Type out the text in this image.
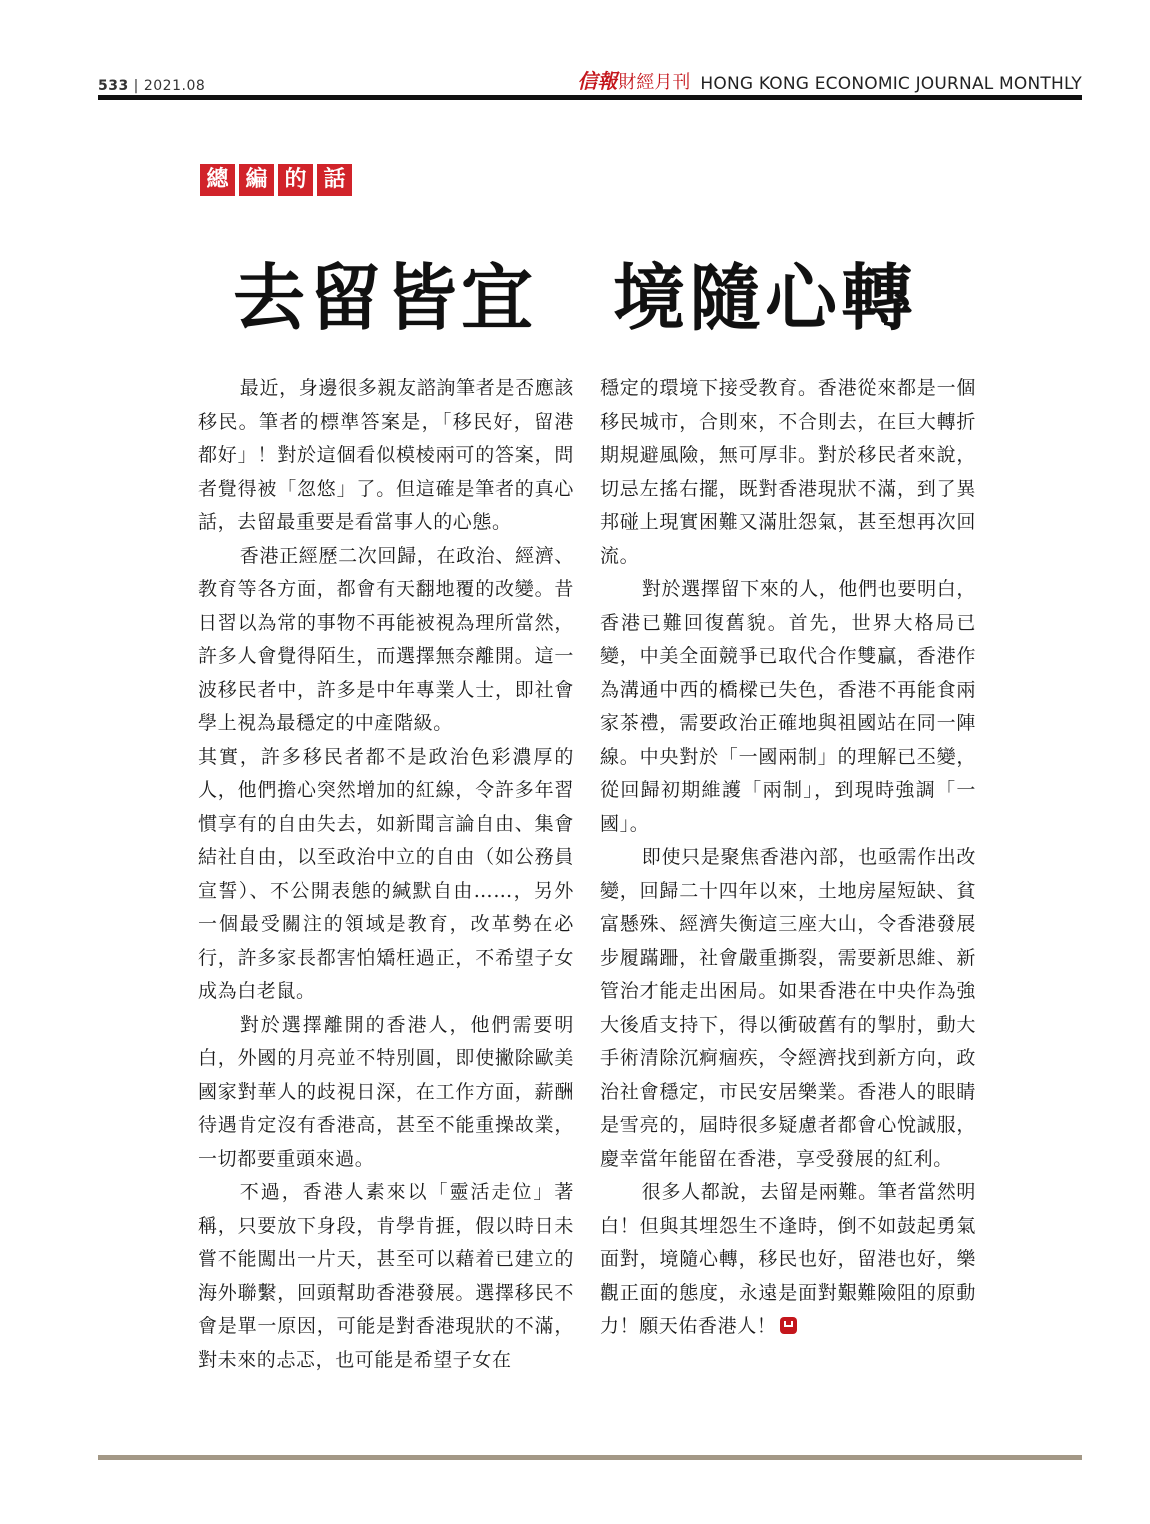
533 | 2021.08	信報 財經月刊 HONG KONG ECONOMIC JOURNAL MONTHLY
總 編 的 話
去留皆宜　境隨心轉

最近，身邊很多親友諮詢筆者是否應該移民。筆者的標準答案是，「移民好，留港都好」！對於這個看似模棱兩可的答案，問者覺得被「忽悠」了。但這確是筆者的真心話，去留最重要是看當事人的心態。

香港正經歷二次回歸，在政治、經濟、教育等各方面，都會有天翻地覆的改變。昔日習以為常的事物不再能被視為理所當然，許多人會覺得陌生，而選擇無奈離開。這一波移民者中，許多是中年專業人士，即社會學上視為最穩定的中產階級。

其實，許多移民者都不是政治色彩濃厚的人，他們擔心突然增加的紅線，令許多年習慣享有的自由失去，如新聞言論自由、集會結社自由，以至政治中立的自由（如公務員宣誓）、不公開表態的緘默自由……，另外一個最受關注的領域是教育，改革勢在必行，許多家長都害怕矯枉過正，不希望子女成為白老鼠。

對於選擇離開的香港人，他們需要明白，外國的月亮並不特別圓，即使撇除歐美國家對華人的歧視日深，在工作方面，薪酬待遇肯定沒有香港高，甚至不能重操故業，一切都要重頭來過。

不過，香港人素來以「靈活走位」著稱，只要放下身段，肯學肯捱，假以時日未嘗不能闖出一片天，甚至可以藉着已建立的海外聯繫，回頭幫助香港發展。選擇移民不會是單一原因，可能是對香港現狀的不滿，對未來的忐忑，也可能是希望子女在

穩定的環境下接受教育。香港從來都是一個移民城市，合則來，不合則去，在巨大轉折期規避風險，無可厚非。對於移民者來說，切忌左搖右擺，既對香港現狀不滿，到了異邦碰上現實困難又滿肚怨氣，甚至想再次回流。

對於選擇留下來的人，他們也要明白，香港已難回復舊貌。首先，世界大格局已變，中美全面競爭已取代合作雙贏，香港作為溝通中西的橋樑已失色，香港不再能食兩家茶禮，需要政治正確地與祖國站在同一陣線。中央對於「一國兩制」的理解已丕變，從回歸初期維護「兩制」，到現時強調「一國」。

即使只是聚焦香港內部，也亟需作出改變，回歸二十四年以來，土地房屋短缺、貧富懸殊、經濟失衡這三座大山，令香港發展步履蹣跚，社會嚴重撕裂，需要新思維、新管治才能走出困局。如果香港在中央作為強大後盾支持下，得以衝破舊有的掣肘，動大手術清除沉痾痼疾，令經濟找到新方向，政治社會穩定，市民安居樂業。香港人的眼睛是雪亮的，屆時很多疑慮者都會心悅誠服，慶幸當年能留在香港，享受發展的紅利。

很多人都說，去留是兩難。筆者當然明白！但與其埋怨生不逢時，倒不如鼓起勇氣面對，境隨心轉，移民也好，留港也好，樂觀正面的態度，永遠是面對艱難險阻的原動力！願天佑香港人！
